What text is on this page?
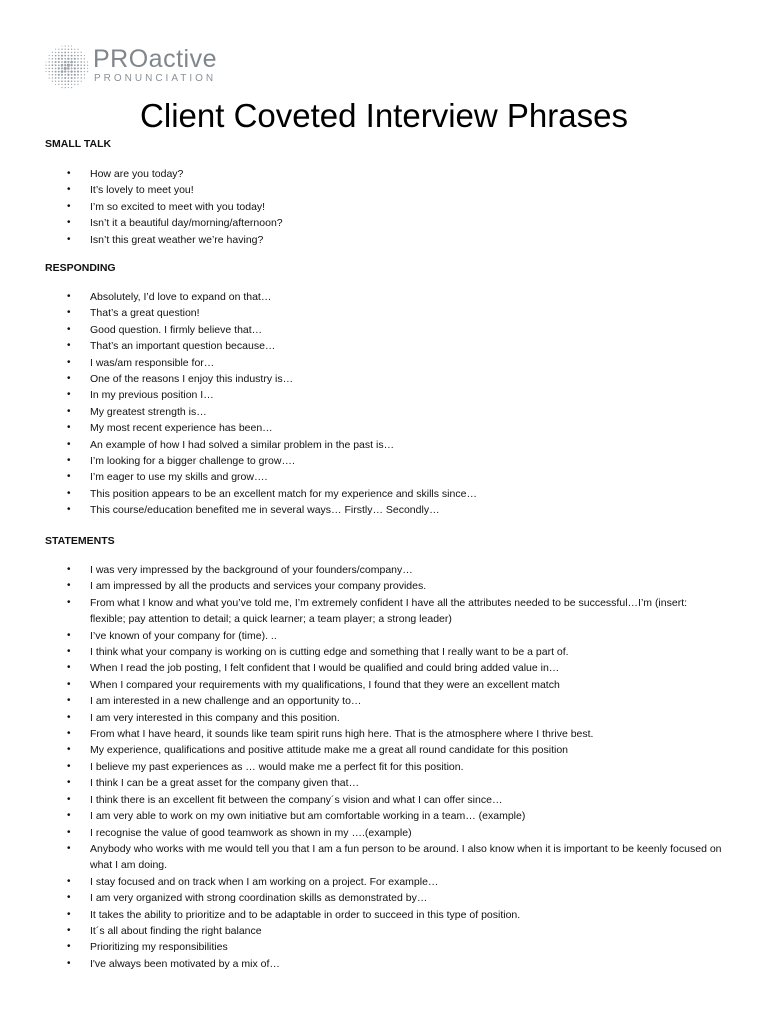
PROactive
PRONUNCIATION
Client Coveted Interview Phrases
SMALL TALK
• How are you today?
• It’s lovely to meet you!
• I’m so excited to meet with you today!
• Isn’t it a beautiful day/morning/afternoon?
• Isn’t this great weather we’re having?
RESPONDING
• Absolutely, I’d love to expand on that…
• That’s a great question!
• Good question. I firmly believe that…
• That’s an important question because…
• I was/am responsible for…
• One of the reasons I enjoy this industry is…
• In my previous position I…
• My greatest strength is…
• My most recent experience has been…
• An example of how I had solved a similar problem in the past is…
• I’m looking for a bigger challenge to grow….
• I’m eager to use my skills and grow….
• This position appears to be an excellent match for my experience and skills since…
• This course/education benefited me in several ways… Firstly… Secondly…
STATEMENTS
• I was very impressed by the background of your founders/company…
• I am impressed by all the products and services your company provides.
• From what I know and what you’ve told me, I’m extremely confident I have all the attributes needed to be successful…I’m (insert: flexible; pay attention to detail; a quick learner; a team player; a strong leader)
• I’ve known of your company for (time). ..
• I think what your company is working on is cutting edge and something that I really want to be a part of.
• When I read the job posting, I felt confident that I would be qualified and could bring added value in…
• When I compared your requirements with my qualifications, I found that they were an excellent match
• I am interested in a new challenge and an opportunity to…
• I am very interested in this company and this position.
• From what I have heard, it sounds like team spirit runs high here. That is the atmosphere where I thrive best.
• My experience, qualifications and positive attitude make me a great all round candidate for this position
• I believe my past experiences as … would make me a perfect fit for this position.
• I think I can be a great asset for the company given that…
• I think there is an excellent fit between the company´s vision and what I can offer since…
• I am very able to work on my own initiative but am comfortable working in a team… (example)
• I recognise the value of good teamwork as shown in my ….(example)
• Anybody who works with me would tell you that I am a fun person to be around. I also know when it is important to be keenly focused on what I am doing.
• I stay focused and on track when I am working on a project. For example…
• I am very organized with strong coordination skills as demonstrated by…
• It takes the ability to prioritize and to be adaptable in order to succeed in this type of position.
• It´s all about finding the right balance
• Prioritizing my responsibilities
• I've always been motivated by a mix of…
